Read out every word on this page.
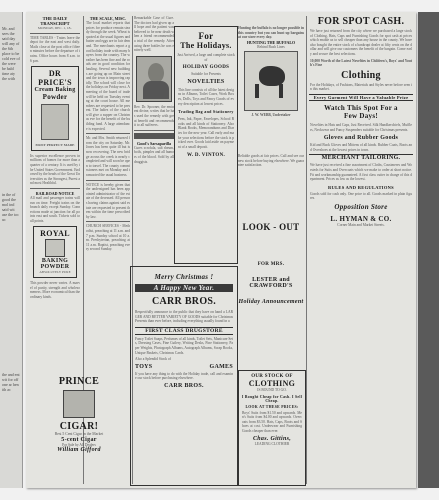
Mr. and sees the said day will any of the 6th place to be cold eve of the were be hald time aty the with
in the of good the mol ind said wit ase the toc uc
the and ent wit for off one ar hen ith ac
THE DAILY TRANSCRIPT
MONDAY, DEC. 1, 18..
TIME TABLES - Trains leave the depot for the east and west daily. Mails close at the post office fifteen minutes before the departure of trains. Office hours from 8 a.m. to 6 p.m.
DR PRICE'S
Cream Baking
Powder
MOST PERFECT MADE
Its superior excellence proven in millions of homes for more than a quarter of a century. It is used by the United States Government. Endorsed by the heads of the Great Universities as the Strongest, Purest and most Healthful.
RAILROAD NOTICE
All mail and passenger trains will run on time. Freight trains on the branch daily except Sunday. Connections made at junction for all points east and south. Tickets sold to all points.
ROYAL
BAKING
POWDER
ABSOLUTELY PURE
This powder never varies. A marvel of purity, strength and wholesomeness. More economical than the ordinary kinds.
THE SCALE, MISC.
The local market reports that prices for produce remain steady through the week. Wheat is quoted at the usual figures and butter and eggs are in fair demand. The merchants report a good holiday trade with many buyers from the country. The weather has been fine and the roads are in good condition for hauling. Several new buildings are going up on Main street and the town is improving rapidly. The school will close for the holidays on Friday next. A meeting of the board of trade will be held on Tuesday evening at the court house. All members are requested to be present. The ladies of the church will give a supper on Christmas eve for the benefit of the building fund. A large attendance is expected.
Mr. and Mrs. Smith returned from the city on Saturday. Mr. Jones has been quite ill but is now recovering. The new bridge across the creek is nearly completed and will soon be open to travel. The county commissioners met on Monday and transacted the usual business.
NOTICE is hereby given that the undersigned has been appointed administrator of the estate of the deceased. All persons having claims against said estate are requested to present them within the time prescribed by law.
CHURCH SERVICES - Methodist, preaching at 11 a.m. and 7 p.m. Sunday school at 10 a.m. Presbyterian, preaching at 11 a.m. Baptist, preaching every second Sunday.
Remarkable Case of Cure. The doctors had given up all hope and the patient was believed to be near death when a friend recommended a trial of the remedy. After using three bottles he was entirely well.
Rev. Dr. Spooner, the eminent divine, writes that he has used the remedy with great benefit and recommends it to all sufferers.
Good's Sarsaparilla
Cures scrofula, salt rheum, boils, pimples and all humors of the blood. Sold by all druggists.
For
The Holidays.
Just Arrived, a large and complete stock of
HOLIDAY GOODS
Suitable for Presents
NOVELTIES
This line consists of all the latest designs in Albums, Toilet Cases, Work Boxes, Dolls, Toys and Fancy Goods of every description at lowest prices.
Trading Bag and Stationery
Pens, Ink, Paper, Envelopes, School Books and all kinds of Stationery. Also Blank Books, Memorandums and Diaries for the new year. Call early and make your selections before the stock is picked over. Goods laid aside on payment of a small deposit.
W. D. VINTON.
Hunting the buffalo is no longer possible in this country but you can hunt up bargains at our store every day.
HUNTING THE BUFFALO
Rehind Bush Lines
J. W. WEBB, Undertaker
Merry Christmas !
A Happy New Year.
CARR BROS.
Respectfully announce to the public that they have on hand a LARGER AND BETTER VARIETY OF GOODS suitable for Christmas Presents than ever before, including everything usually found in a
FIRST CLASS DRUGSTORE
Fancy Toilet Soaps, Perfumes of all kinds, Toilet Sets, Manicure Sets, Dressing Cases, Fine Cutlery, Writing Desks, Fine Stationery, Paper Weights, Photograph Albums, Autograph Albums, Scrap Books, Unique Baskets, Christmas Cards.
Also a Splendid Stock of
TOYS	GAMES
If you have any thing to do with the Holiday trade, call and examine our stock before purchasing elsewhere.
CARR BROS.
PRINCE
CIGAR!
Best 5 Cent Cigar in the Market
5-cent Cigar
For Sale by All Dealers
William Gifford
Reliable goods at fair prices. Call and see our new stock before buying elsewhere. We guarantee satisfaction.
LOOK - OUT
FOR MRS.
LESTER and CRAWFORD'S
Holiday Announcement
OUR STOCK OF
CLOTHING
IS BOUND TO GO.
I Bought Cheap for Cash. I Sell Cheap.
LOOK AT THESE PRICES:
Boys' Suits from $1.50 and upwards. Men's Suits from $4.00 and upwards. Overcoats from $3.50. Hats, Caps, Boots and Shoes at cost. Underwear and Furnishing Goods cheaper than ever.
Chas. Gittins,
LEADING CLOTHIER
FOR SPOT CASH.
We have just returned from the city where we purchased a large stock of Clothing, Hats, Caps and Furnishing Goods for spot cash at prices which enable us to sell cheaper than any house in the county. We have also bought the entire stock of a bankrupt dealer at fifty cents on the dollar and will give our customers the benefit of the bargain. Come early and secure the best selections.
10,000 Worth of the Latest Novelties in Children's, Boys' and Youth's Fine
Clothing
For the Holidays, of Fashions, Materials and Styles never before seen in this market.
Every Garment Will Have a Valuable Prize
Watch This Spot For a
Few Days!
Novelties in Hats and Caps, Just Received. Silk Handkerchiefs, Mufflers, Neckwear and Fancy Suspenders suitable for Christmas presents.
Gloves and Rubber Goods
Kid and Buck Gloves and Mittens of all kinds. Rubber Coats, Boots and Overshoes at the lowest prices in town.
MERCHANT TAILORING.
We have just received a fine assortment of Cloths, Cassimeres and Worsteds for Suits and Overcoats which we make to order at short notice. Fit and workmanship guaranteed. A first class cutter in charge of this department. Prices as low as the lowest.
RULES AND REGULATIONS
Goods sold for cash only. One price to all. Goods marked in plain figures.
Opposition Store
L. HYMAN & CO.
Corner Main and Market Streets.
